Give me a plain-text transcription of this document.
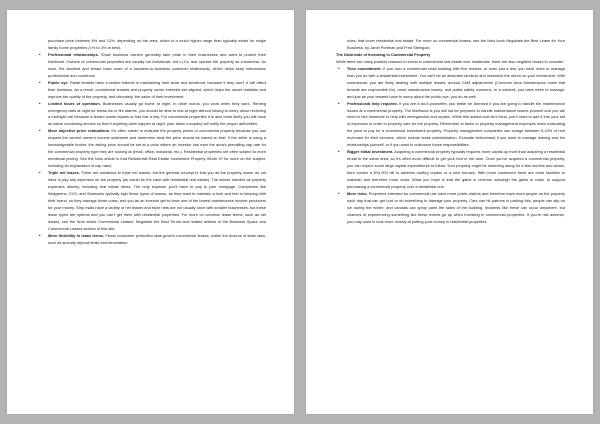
purchase price between 6% and 12%, depending on the area, which is a much higher range than typically exists for single family home properties (1% to 4% at best).

• Professional relationships. Small business owners generally take pride in their businesses and want to protect their livelihood. Owners of commercial properties are usually not individuals, but LLCs, and operate the property as a business. As such, the landlord and tenant have more of a business-to-business customer relationship, which helps keep interactions professional and courteous.
• Public eye. Retail tenants have a vested interest in maintaining their store and storefront, because if they don't, it will affect their business. As a result, commercial tenants and property owner interests are aligned, which helps the owner maintain and improve the quality of the property, and ultimately, the value of their investment.
• Limited hours of operation. Businesses usually go home at night. In other words, you work when they work. Renting emergency calls at night for break-ins or fire alarms, you should be able to rest at night without having to worry about receiving a midnight call because a tenant wants repairs or has lost a key. For commercial properties it is also more likely you will have an alarm monitoring service so that if anything does happen at night, your alarm company will notify the proper authorities.
• More objective price evaluations. It's often easier to evaluate the property prices of commercial property because you can request the current owner's income statement and determine what the price should be based on that. If the seller is using a knowledgeable broker, the asking price should be set at a price where an investor can earn the area's prevailing cap rate for the commercial property type they are looking at (retail, office, industrial, etc.). Residential properties are often subject to more emotional pricing. See the Nolo article Is that Residential Real Estate Investment Property Worth It? for more on the subject, including an explanation of cap rates.
• Triple net leases. There are variations to triple net leases, but the general concept is that you as the property owner do not have to pay any expenses on the property (as would be the case with residential real estate). The lessee handles all property expenses directly, including real estate taxes. The only expense you'll have to pay is your mortgage. Companies like Walgreens, CVS, and Starbucks typically sign these types of leases, as they want to maintain a look and feel in keeping with their brand, so they manage those costs, and you as an investor get to have one of the lowest maintenance income producers for your money. Strip malls have a variety of net leases and triple nets are not usually done with smaller businesses, but these lease types are optimal and you can't get them with residential properties. For more on common lease terms, such as net leases, see the Nolo article Commercial Leases: Negotiate the Best Terms and related articles in the Business Space and Commercial Leases section of this site.
• More flexibility in lease terms. Fewer consumer protection laws govern commercial leases, unlike the dozens of state laws, such as security deposit limits and termination

rules, that cover residential real estate. For more on commercial leases, see the Nolo book Negotiate the Best Lease for Your Business, by Janet Portman and Fred Steingold.

The Downside of Investing in Commercial Property

While there are many positive reasons to invest in commercial real estate over residential, there are also negative issues to consider.

• Time commitment. If you own a commercial retail building with five tenants, or even just a few, you have more to manage than you do with a residential investment. You can't be an absentee landlord and maximize the return on your investment. With commercial, you are likely dealing with multiple leases, annual CAM adjustments (Common Area Maintenance costs that tenants are responsible for), more maintenance issues, and public safety concerns. In a nutshell, you have more to manage; and just as your tenants have to worry about the public eye, you do as well.
• Professional help required. If you are a do-it-yourselfer, you better be licensed if you are going to handle the maintenance issues at a commercial property. The likelihood is you will not be prepared to handle maintenance issues yourself and you will need to hire someone to help with emergencies and repairs. While this added cost isn't ideal, you'll need to add it into your set of expenses in order to properly care for the property. Remember to factor in property management expenses when evaluating the price to pay for a commercial investment property. Property management companies can charge between 5-10% of rent revenues for their services, which include lease administration. Evaluate beforehand if you want to manage leasing and the relationships yourself, or if you want to outsource those responsibilities.
• Bigger initial investment. Acquiring a commercial property typically requires more capital up front than acquiring a residential rental in the same area, so it's often more difficult to get your foot in the door. Once you've acquired a commercial property, you can expect some large capital expenditures to follow. Your property might be humming along for a few months and wham, here comes a $10,000 bill to address roofing repairs or a new furnace. With more customers there are more facilities to maintain and therefore more costs. What you hope is that the gains in revenue outweigh the gains in costs, to support purchasing a commercial property over a residential one.
• More risks. Properties intended for commercial use have more public visitors and therefore have more people on the property each day that can get hurt or do something to damage your property. Cars can hit patrons in parking lots, people can slip on ice during the winter, and vandals can spray paint the sides of the building. Incidents like these can occur anywhere, but chances of experiencing something like these events go up when investing in commercial properties. If you're risk adverse, you may want to look more closely at putting your money in residential properties.
